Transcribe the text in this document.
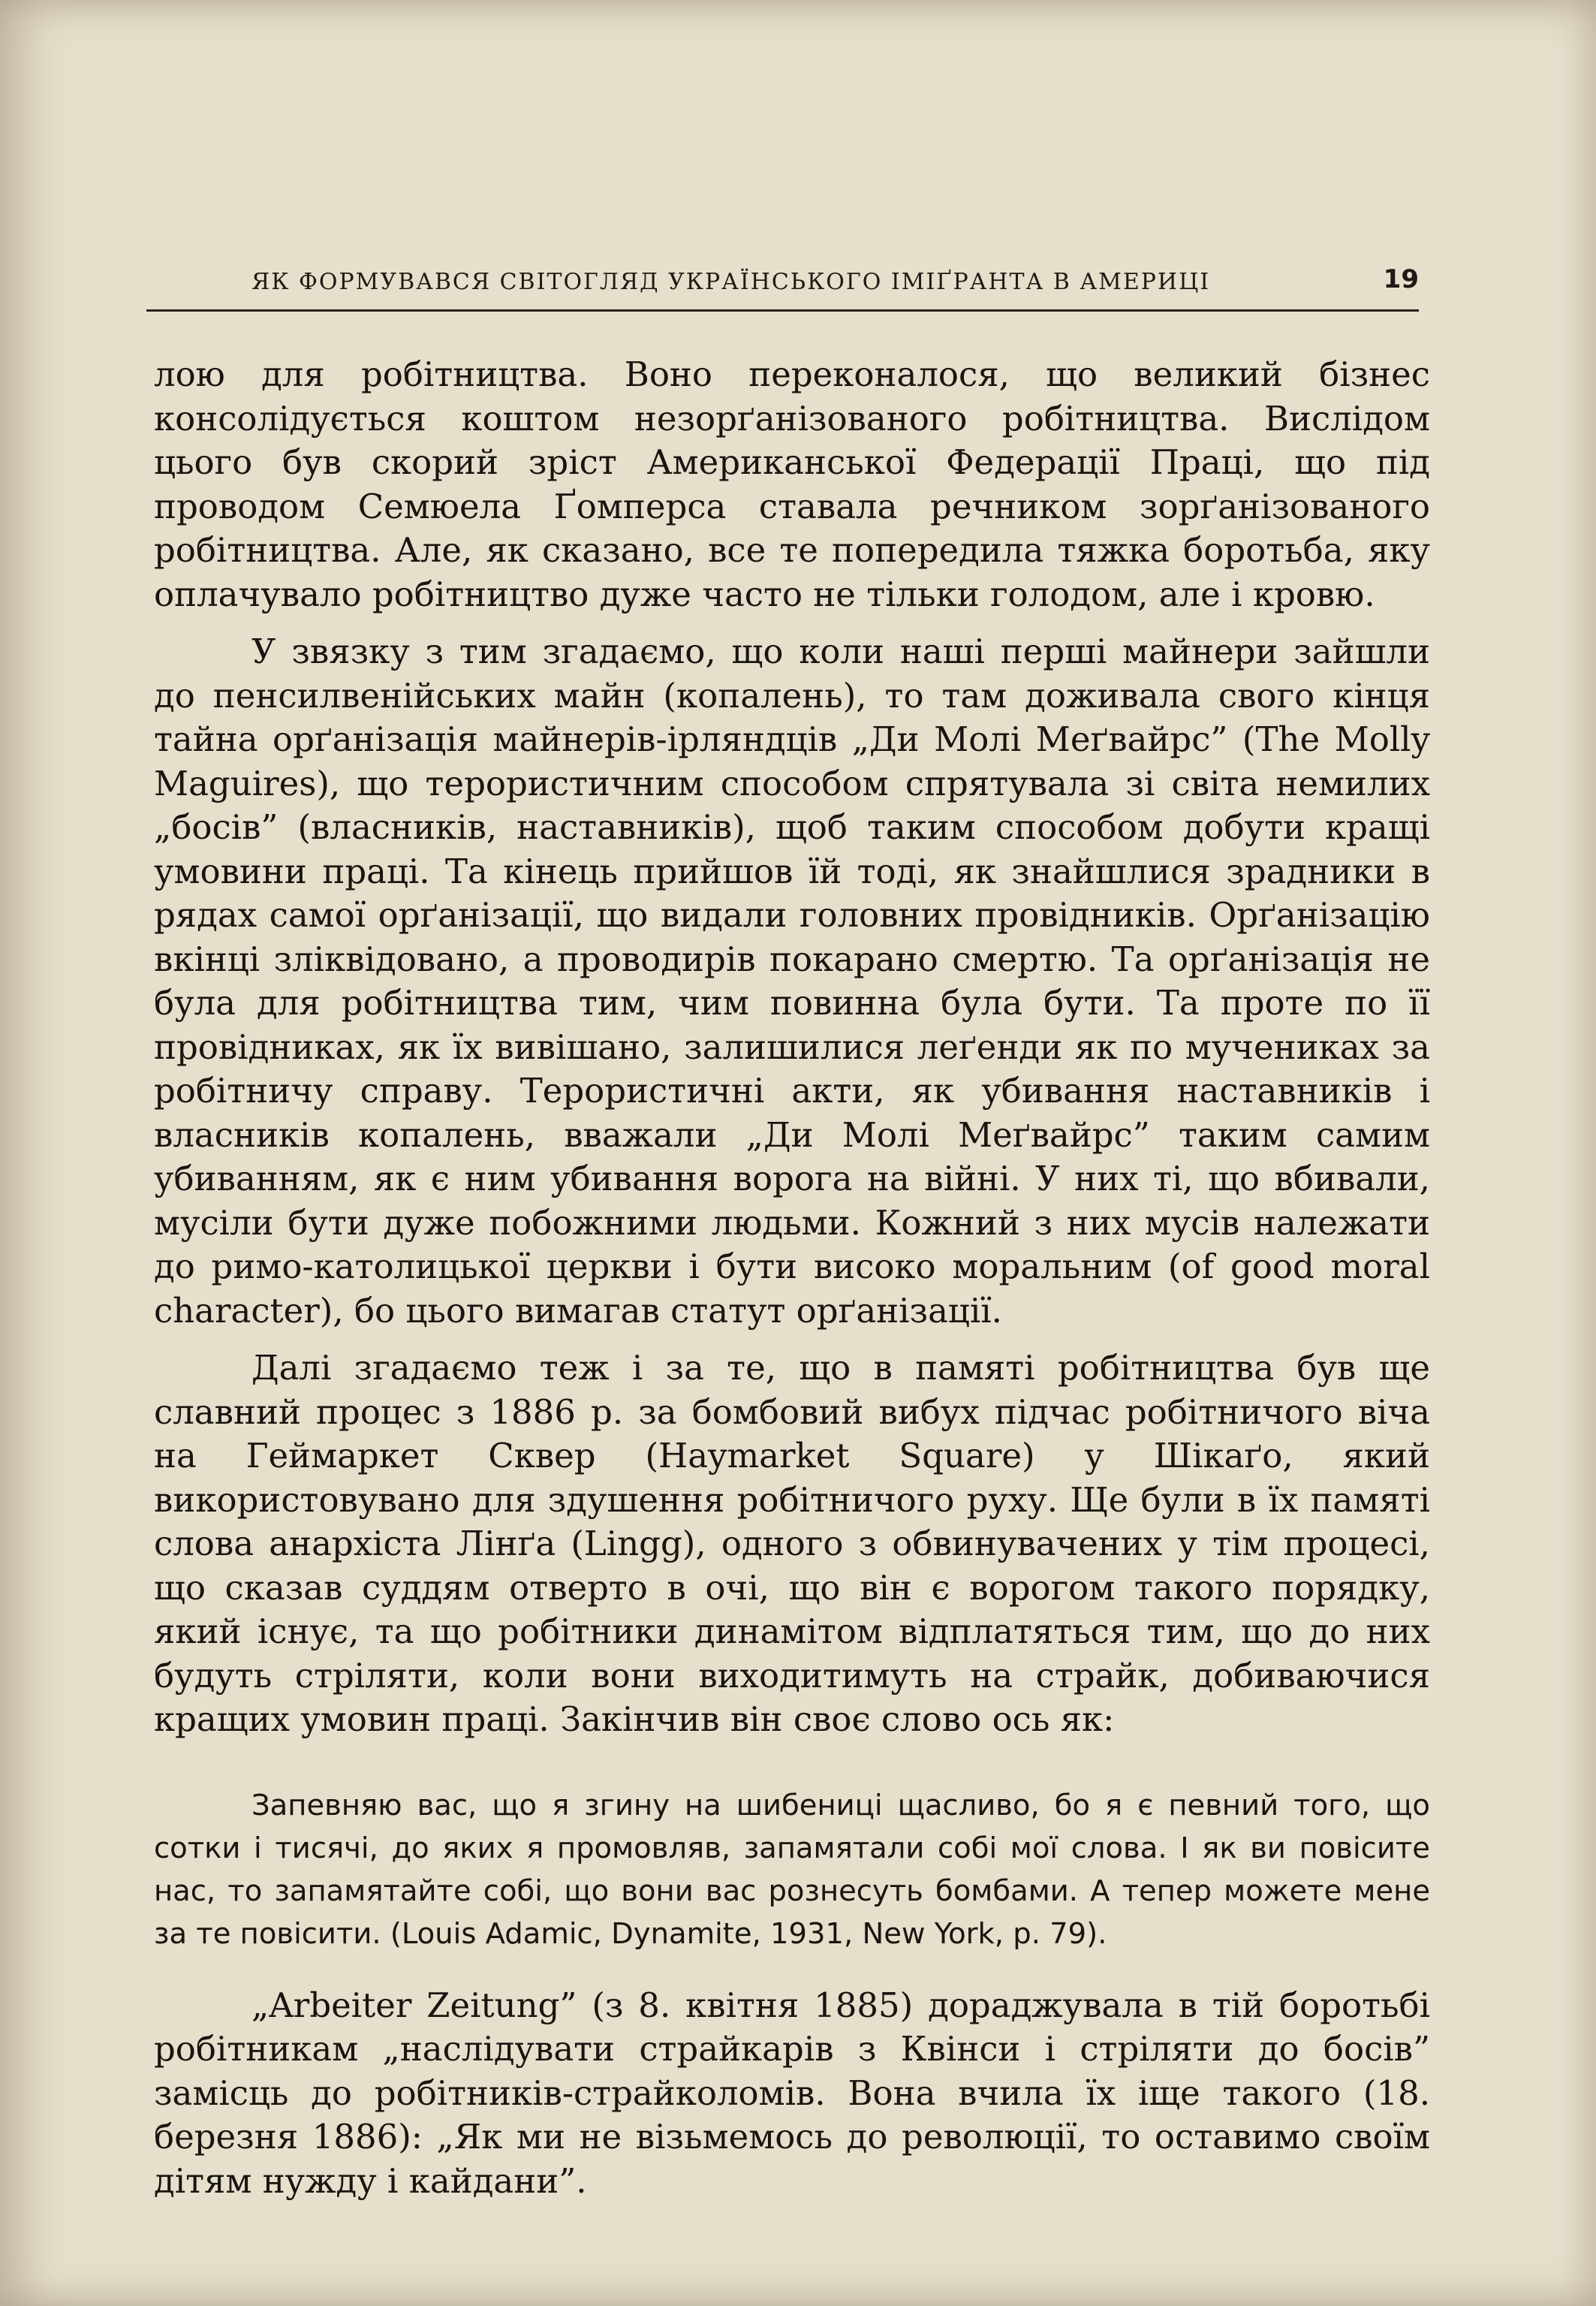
ЯК ФОРМУВАВСЯ СВІТОГЛЯД УКРАЇНСЬКОГО ІМІҐРАНТА В АМЕРИЦІ	19

лою для робітництва. Воно переконалося, що великий бізнес консолідується коштом незорґанізованого робітництва. Вислідом цього був скорий зріст Американської Федерації Праці, що під проводом Семюела Ґомперса ставала речником зорґанізованого робітництва. Але, як сказано, все те попередила тяжка боротьба, яку оплачувало робітництво дуже часто не тільки голодом, але і кровю.

У звязку з тим згадаємо, що коли наші перші майнери зайшли до пенсилвенійських майн (копалень), то там доживала свого кінця тайна орґанізація майнерів-ірляндців „Ди Молі Меґвайрс” (The Molly Maguires), що терористичним способом спрятувала зі світа немилих „босів” (власників, наставників), щоб таким способом добути кращі умовини праці. Та кінець прийшов їй тоді, як знайшлися зрадники в рядах самої орґанізації, що видали головних провідників. Орґанізацію вкінці зліквідовано, а проводирів покарано смертю. Та орґанізація не була для робітництва тим, чим повинна була бути. Та проте по її провідниках, як їх вивішано, залишилися леґенди як по мучениках за робітничу справу. Терористичні акти, як убивання наставників і власників копалень, вважали „Ди Молі Меґвайрс” таким самим убиванням, як є ним убивання ворога на війні. У них ті, що вбивали, мусіли бути дуже побожними людьми. Кожний з них мусів належати до римо-католицької церкви і бути високо моральним (of good moral character), бо цього вимагав статут орґанізації.

Далі згадаємо теж і за те, що в памяті робітництва був ще славний процес з 1886 р. за бомбовий вибух підчас робітничого віча на Геймаркет Сквер (Haymarket Square) у Шікаґо, який використовувано для здушення робітничого руху. Ще були в їх памяті слова анархіста Лінґа (Lingg), одного з обвинувачених у тім процесі, що сказав суддям отверто в очі, що він є ворогом такого порядку, який існує, та що робітники динамітом відплатяться тим, що до них будуть стріляти, коли вони виходитимуть на страйк, добиваючися кращих умовин праці. Закінчив він своє слово ось як:

Запевняю вас, що я згину на шибениці щасливо, бо я є певний того, що сотки і тисячі, до яких я промовляв, запамятали собі мої слова. І як ви повісите нас, то запамятайте собі, що вони вас рознесуть бомбами. А тепер можете мене за те повісити. (Louis Adamic, Dynamite, 1931, New York, p. 79).

„Arbeiter Zeitung” (з 8. квітня 1885) дораджувала в тій боротьбі робітникам „наслідувати страйкарів з Квінси і стріляти до босів” замісць до робітників-страйколомів. Вона вчила їх іще такого (18. березня 1886): „Як ми не візьмемось до революції, то оставимо своїм дітям нужду і кайдани”.
